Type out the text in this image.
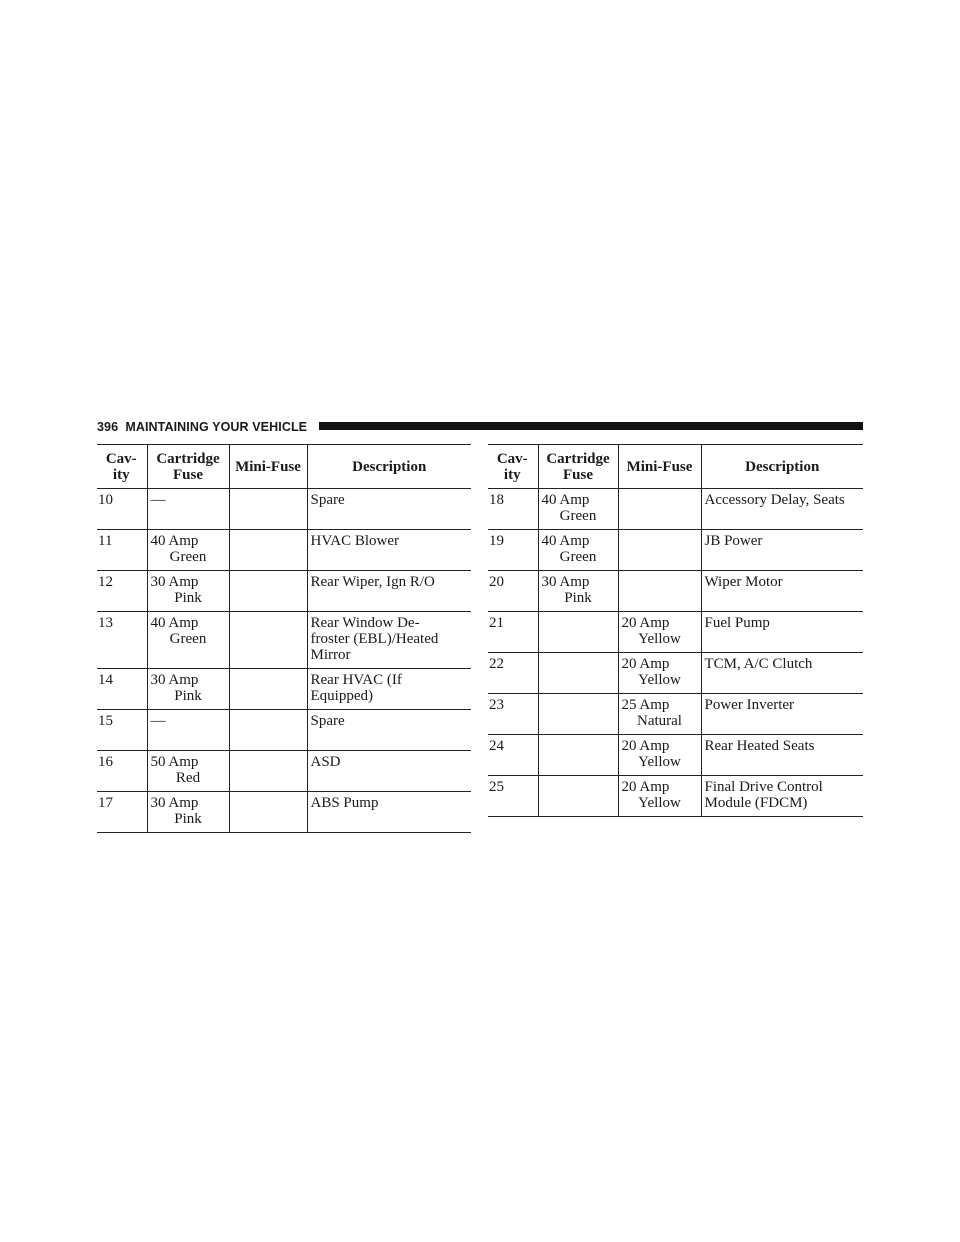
396 MAINTAINING YOUR VEHICLE
Cav-
ity	Cartridge
Fuse	Mini-Fuse	Description
10	—		Spare
11	40 Amp
Green		HVAC Blower
12	30 Amp
Pink		Rear Wiper, Ign R/O
13	40 Amp
Green		Rear Window De-
froster (EBL)/Heated
Mirror
14	30 Amp
Pink		Rear HVAC (If
Equipped)
15	—		Spare
16	50 Amp
Red		ASD
17	30 Amp
Pink		ABS Pump
Cav-
ity	Cartridge
Fuse	Mini-Fuse	Description
18	40 Amp
Green		Accessory Delay, Seats
19	40 Amp
Green		JB Power
20	30 Amp
Pink		Wiper Motor
21		20 Amp
Yellow	Fuel Pump
22		20 Amp
Yellow	TCM, A/C Clutch
23		25 Amp
Natural	Power Inverter
24		20 Amp
Yellow	Rear Heated Seats
25		20 Amp
Yellow	Final Drive Control
Module (FDCM)
